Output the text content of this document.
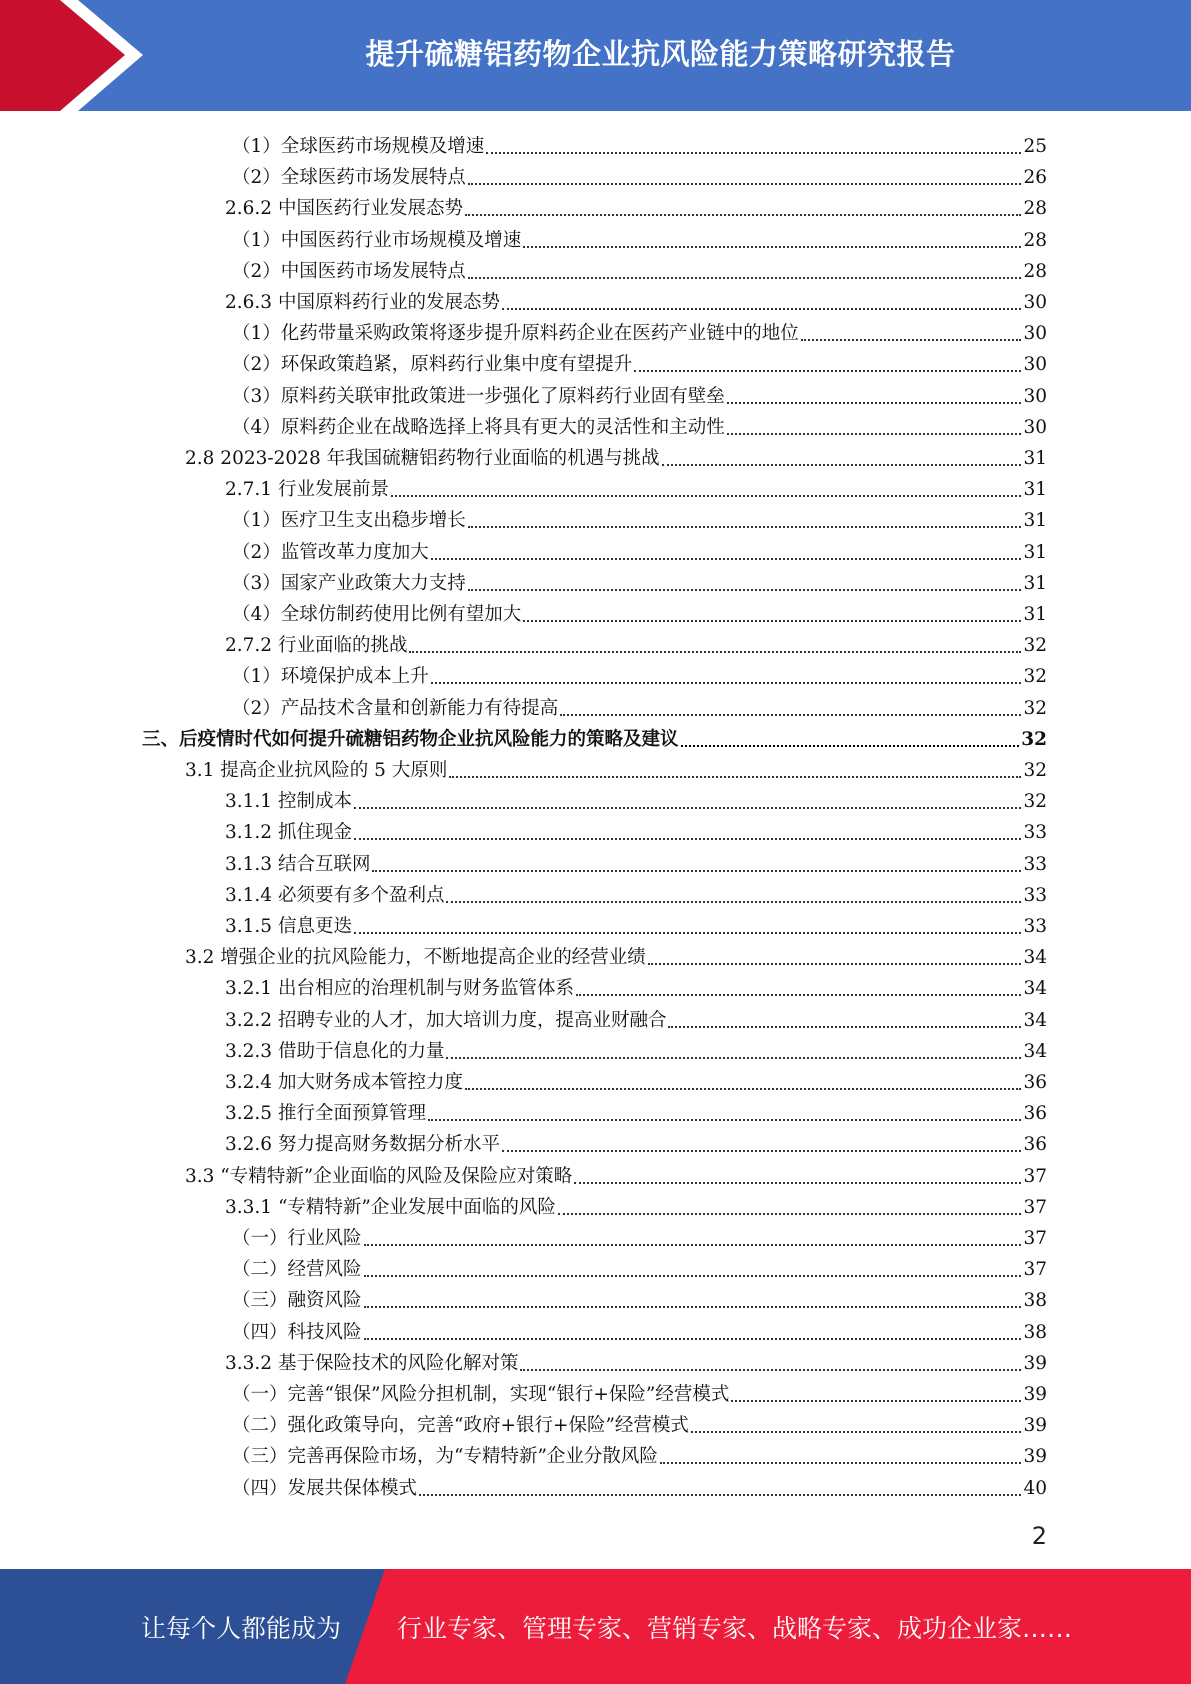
提升硫糖铝药物企业抗风险能力策略研究报告
（1）全球医药市场规模及增速	25
（2）全球医药市场发展特点	26
2.6.2 中国医药行业发展态势	28
（1）中国医药行业市场规模及增速	28
（2）中国医药市场发展特点	28
2.6.3 中国原料药行业的发展态势	30
（1）化药带量采购政策将逐步提升原料药企业在医药产业链中的地位	30
（2）环保政策趋紧，原料药行业集中度有望提升	30
（3）原料药关联审批政策进一步强化了原料药行业固有壁垒	30
（4）原料药企业在战略选择上将具有更大的灵活性和主动性	30
2.8 2023-2028 年我国硫糖铝药物行业面临的机遇与挑战	31
2.7.1 行业发展前景	31
（1）医疗卫生支出稳步增长	31
（2）监管改革力度加大	31
（3）国家产业政策大力支持	31
（4）全球仿制药使用比例有望加大	31
2.7.2 行业面临的挑战	32
（1）环境保护成本上升	32
（2）产品技术含量和创新能力有待提高	32
三、后疫情时代如何提升硫糖铝药物企业抗风险能力的策略及建议	32
3.1 提高企业抗风险的 5 大原则	32
3.1.1 控制成本	32
3.1.2 抓住现金	33
3.1.3 结合互联网	33
3.1.4 必须要有多个盈利点	33
3.1.5 信息更迭	33
3.2 增强企业的抗风险能力，不断地提高企业的经营业绩	34
3.2.1 出台相应的治理机制与财务监管体系	34
3.2.2 招聘专业的人才，加大培训力度，提高业财融合	34
3.2.3 借助于信息化的力量	34
3.2.4 加大财务成本管控力度	36
3.2.5 推行全面预算管理	36
3.2.6 努力提高财务数据分析水平	36
3.3 “专精特新”企业面临的风险及保险应对策略	37
3.3.1 “专精特新”企业发展中面临的风险	37
（一）行业风险	37
（二）经营风险	37
（三）融资风险	38
（四）科技风险	38
3.3.2 基于保险技术的风险化解对策	39
（一）完善“银保”风险分担机制，实现“银行+保险”经营模式	39
（二）强化政策导向，完善“政府+银行+保险”经营模式	39
（三）完善再保险市场，为“专精特新”企业分散风险	39
（四）发展共保体模式	40
2
让每个人都能成为 行业专家、管理专家、营销专家、战略专家、成功企业家……
